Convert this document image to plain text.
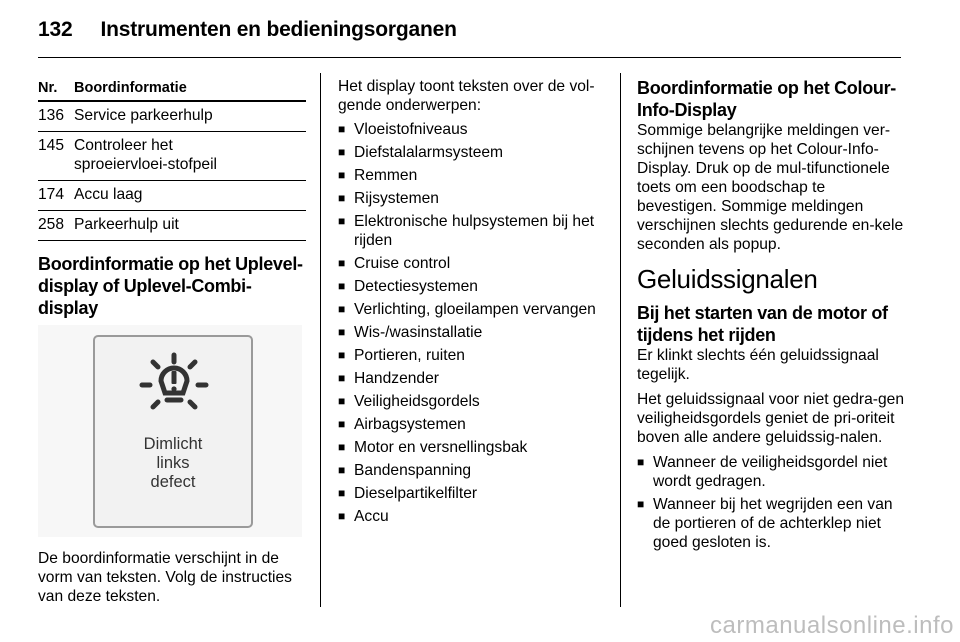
132 Instrumenten en bedieningsorganen
Nr.	Boordinformatie
136 Service parkeerhulp
145 Controleer het sproeiervloei-stofpeil
174 Accu laag
258 Parkeerhulp uit
Boordinformatie op het Uplevel-display of Uplevel-Combi-display
Dimlicht
links
defect

De boordinformatie verschijnt in de vorm van teksten. Volg de instructies van deze teksten.

Het display toont teksten over de vol-gende onderwerpen:

■ Vloeistofniveaus
■ Diefstalalarmsysteem
■ Remmen
■ Rijsystemen
■ Elektronische hulpsystemen bij het rijden
■ Cruise control
■ Detectiesystemen
■ Verlichting, gloeilampen vervangen
■ Wis-/wasinstallatie
■ Portieren, ruiten
■ Handzender
■ Veiligheidsgordels
■ Airbagsystemen
■ Motor en versnellingsbak
■ Bandenspanning
■ Dieselpartikelfilter
■ Accu
Boordinformatie op het Colour-Info-Display

Sommige belangrijke meldingen ver-schijnen tevens op het Colour-Info-Display. Druk op de mul-tifunctionele toets om een boodschap te bevestigen. Sommige meldingen verschijnen slechts gedurende en-kele seconden als popup.

Geluidssignalen
Bij het starten van de motor of tijdens het rijden

Er klinkt slechts één geluidssignaal tegelijk.

Het geluidssignaal voor niet gedra-gen veiligheidsgordels geniet de pri-oriteit boven alle andere geluidssig-nalen.

■ Wanneer de veiligheidsgordel niet wordt gedragen.
■ Wanneer bij het wegrijden een van de portieren of de achterklep niet goed gesloten is.
carmanualsonline.info
